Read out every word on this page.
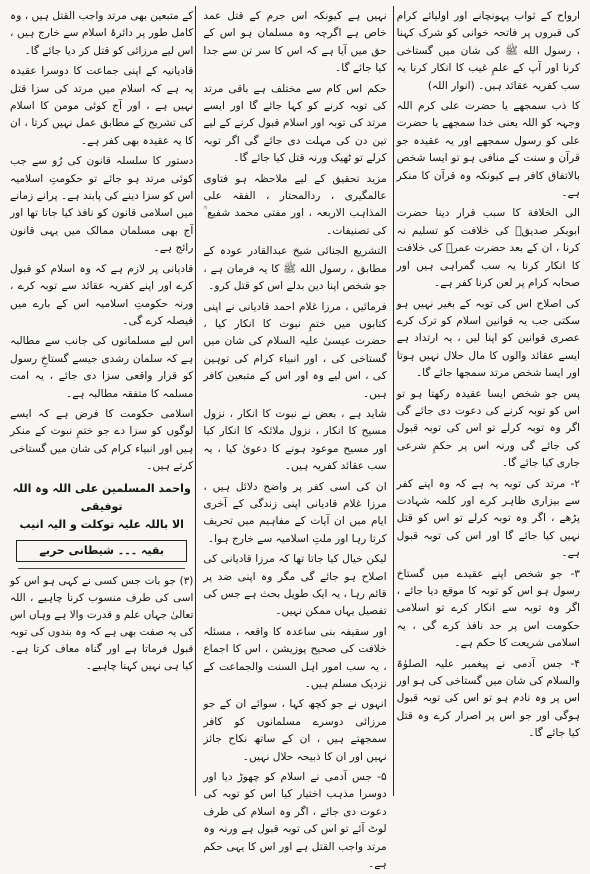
ارواح کے ثواب پہونچانے اور اولیائے کرام کی قبروں پر فاتحہ خوانی کو شرک کہنا ، رسول الله ﷺ کی شان میں گستاخی کرنا اور آپ کے علمِ غیب کا انکار کرنا یہ سب کفریہ عقائد ہیں۔ (انوار اللہ)

کا ذب سمجھے یا حضرت علی کرم اللہ وجہہ کو اللہ یعنی خدا سمجھے یا حضرت علی کو رسول سمجھے اور یہ عقیدہ جو قرآن و سنت کے منافی ہو تو ایسا شخص بالاتفاق کافر ہے کیونکہ وہ قرآن کا منکر ہے۔

الی الخلافة کا سبب قرار دینا حضرت ابوبکر صدیقؓ کی خلافت کو تسلیم نہ کرنا ، ان کے بعد حضرت عمرؓ کی خلافت کا انکار کرنا یہ سب گمراہی ہیں اور صحابہ کرام پر لعن کرنا کفر ہے۔

کی اصلاح اس کی توبہ کے بغیر نہیں ہو سکتی جب یہ قوانین اسلام کو ترک کرے عصری قوانین کو اپنا لیں ، یہ ارتداد ہے ایسے عقائد والوں کا مال حلال نہیں ہوتا اور ایسا شخص مرتد سمجھا جائے گا۔

پس جو شخص ایسا عقیدہ رکھتا ہو تو اس کو توبہ کرنے کی دعوت دی جائے گی اگر وہ توبہ کرلے تو اس کی توبہ قبول کی جائے گی ورنہ اس پر حکمِ شرعی جاری کیا جائے گا۔

۲- مرتد کی توبہ یہ ہے کہ وہ اپنے کفر سے بیزاری ظاہر کرے اور کلمہ شہادت پڑھے ، اگر وہ توبہ کرلے تو اس کو قتل نہیں کیا جائے گا اور اس کی توبہ قبول ہے۔

۳- جو شخص اپنے عقیدے میں گستاخ رسول ہو اس کو توبہ کا موقع دیا جائے ، اگر وہ توبہ سے انکار کرے تو اسلامی حکومت اس پر حد نافذ کرے گی ، یہ اسلامی شریعت کا حکم ہے۔

۴- جس آدمی نے پیغمبر علیہ الصلوٰۃ والسلام کی شان میں گستاخی کی ہو اور اس پر وہ نادم ہو تو اس کی توبہ قبول ہوگی اور جو اس پر اصرار کرے وہ قتل کیا جائے گا۔

نہیں ہے کیونکہ اس جرم کے قتل عمد خاص ہے اگرچہ وہ مسلمان ہو اس کے حق میں آیا ہے کہ اس کا سر تن سے جدا کیا جائے گا۔

حکم اس کام سے مختلف ہے باقی مرتد کی توبہ کرنے کو کہا جائے گا اور ایسے مرتد کی توبہ اور اسلام قبول کرنے کے لیے تین دن کی مہلت دی جائے گی اگر توبہ کرلے تو ٹھیک ورنہ قتل کیا جائے گا۔

مزید تحقیق کے لیے ملاحظہ ہو فتاوی عالمگیری ، ردالمحتار ، الفقہ علی المذاہب الاربعہ ، اور مفتی محمد شفیع ؒ کی تصنیفات۔

التشریع الجنائی شیخ عبدالقادر عودہ کے مطابق ، رسول الله ﷺ کا یہ فرمان ہے ، جو شخص اپنا دین بدلے اس کو قتل کرو۔

فرمائیں ، مرزا غلام احمد قادیانی نے اپنی کتابوں میں ختمِ نبوت کا انکار کیا ، حضرت عیسیٰ علیہ السلام کی شان میں گستاخی کی ، اور انبیاء کرام کی توہین کی ، اس لیے وہ اور اس کے متبعین کافر ہیں۔

شاید ہے ، بعض نے نبوت کا انکار ، نزول مسیح کا انکار ، نزول ملائکہ کا انکار کیا اور مسیح موعود ہونے کا دعویٰ کیا ، یہ سب عقائد کفریہ ہیں۔

ان کی اسی کفر پر واضح دلائل ہیں ، مرزا غلام قادیانی اپنی زندگی کے آخری ایام میں ان آیات کے مفاہیم میں تحریف کرتا رہا اور ملتِ اسلامیہ سے خارج ہوا۔

لیکن خیال کیا جاتا تھا کہ مرزا قادیانی کی اصلاح ہو جائے گی مگر وہ اپنی ضد پر قائم رہا ، یہ ایک طویل بحث ہے جس کی تفصیل یہاں ممکن نہیں۔

اور سقیفہ بنی ساعدہ کا واقعہ ، مسئلہ خلافت کی صحیح پوزیشن ، اس کا اجماع ، یہ سب امور اہل السنت والجماعت کے نزدیک مسلم ہیں۔

انہوں نے جو کچھ کہا ، سوائے ان کے جو مرزائی دوسرے مسلمانوں کو کافر سمجھتے ہیں ، ان کے ساتھ نکاح جائز نہیں اور ان کا ذبیحہ حلال نہیں۔

۵- جس آدمی نے اسلام کو چھوڑ دیا اور دوسرا مذہب اختیار کیا اس کو توبہ کی دعوت دی جائے ، اگر وہ اسلام کی طرف لوٹ آئے تو اس کی توبہ قبول ہے ورنہ وہ مرتد واجب القتل ہے اور اس کا یہی حکم ہے۔

کے متبعین بھی مرتد واجب القتل ہیں ، وہ کامل طور پر دائرۂ اسلام سے خارج ہیں ، اس لیے مرزائی کو قتل کر دیا جائے گا۔

قادیانیہ کے اپنی جماعت کا دوسرا عقیدہ یہ ہے کہ اسلام میں مرتد کی سزا قتل نہیں ہے ، اور آج کوئی مومن کا اسلام کی تشریح کے مطابق عمل نہیں کرتا ، ان کا یہ عقیدہ بھی کفر ہے۔

دستور کا سلسلہ قانون کی رُو سے جب کوئی مرتد ہو جائے تو حکومتِ اسلامیہ اس کو سزا دینے کی پابند ہے۔ پرانے زمانے میں اسلامی قانون کو نافذ کیا جاتا تھا اور آج بھی مسلمان ممالک میں یہی قانون رائج ہے۔

قادیانی پر لازم ہے کہ وہ اسلام کو قبول کرے اور اپنے کفریہ عقائد سے توبہ کرے ، ورنہ حکومتِ اسلامیہ اس کے بارے میں فیصلہ کرے گی۔

اس لیے مسلمانوں کی جانب سے مطالبہ ہے کہ سلمان رشدی جیسے گستاخِ رسول کو قرار واقعی سزا دی جائے ، یہ امت مسلمہ کا متفقہ مطالبہ ہے۔

اسلامی حکومت کا فرض ہے کہ ایسے لوگوں کو سزا دے جو ختمِ نبوت کے منکر ہیں اور انبیاء کرام کی شان میں گستاخی کرتے ہیں۔

واحمد المسلمین علی اللہ وہ اللہ توفیقی
الا باللہ علیہ توکلت و الیہ انیب
بقیہ ۔۔۔ شیطانی حربے

(۳) جو بات جس کسی نے کہی ہو اس کو اسی کی طرف منسوب کرنا چاہیے ، اللہ تعالیٰ جہاں علم و قدرت والا ہے وہاں اس کی یہ صفت بھی ہے کہ وہ بندوں کی توبہ قبول فرماتا ہے اور گناہ معاف کرتا ہے۔ کیا ہی نہیں کہنا چاہیے۔
